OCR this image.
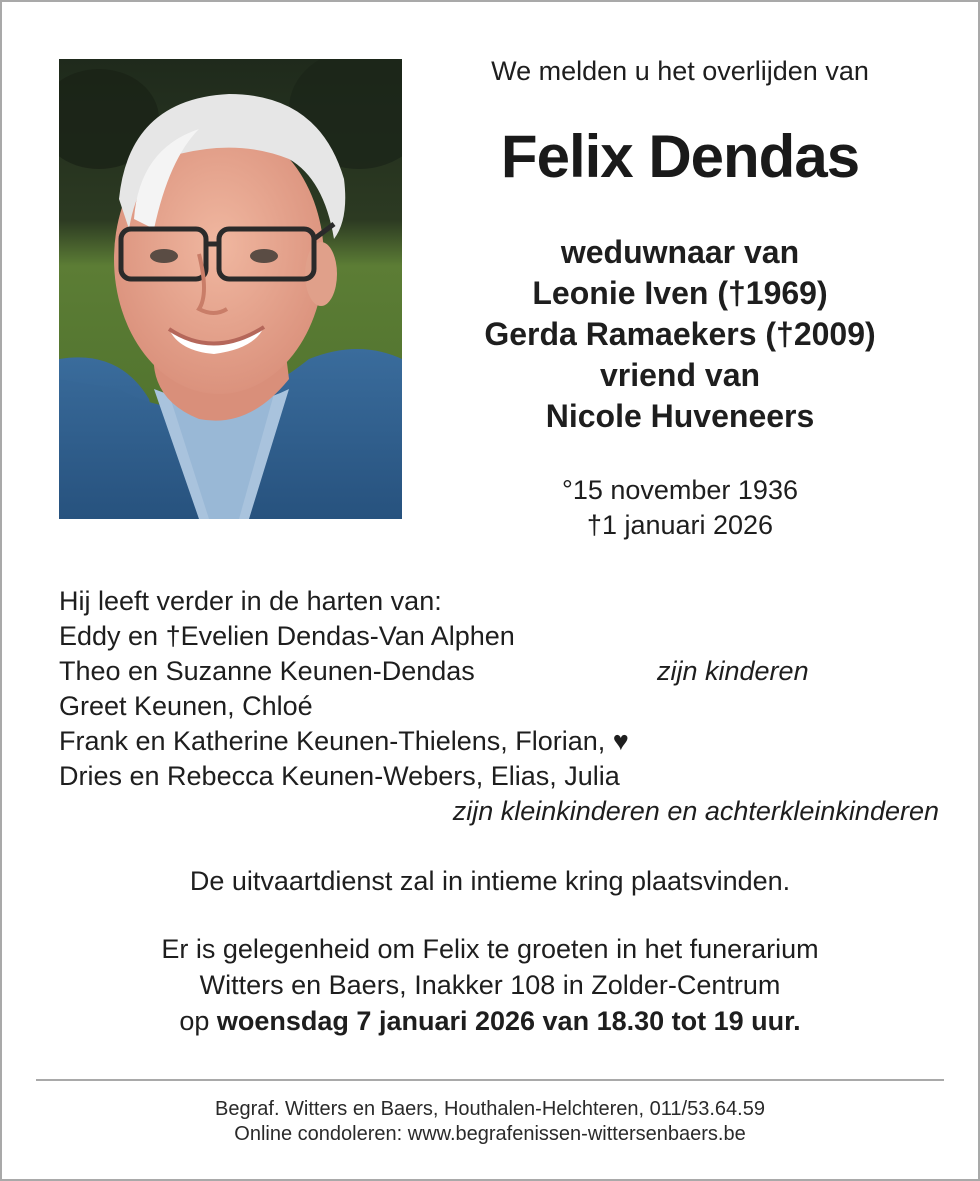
We melden u het overlijden van
Felix Dendas
weduwnaar van
Leonie Iven (†1969)
Gerda Ramaekers (†2009)
vriend van
Nicole Huveneers
°15 november 1936
†1 januari 2026
Hij leeft verder in de harten van:
Eddy en †Evelien Dendas-Van Alphen
Theo en Suzanne Keunen-Dendas	zijn kinderen
Greet Keunen, Chloé
Frank en Katherine Keunen-Thielens, Florian, ♥
Dries en Rebecca Keunen-Webers, Elias, Julia
zijn kleinkinderen en achterkleinkinderen
De uitvaartdienst zal in intieme kring plaatsvinden.
Er is gelegenheid om Felix te groeten in het funerarium
Witters en Baers, Inakker 108 in Zolder-Centrum
op woensdag 7 januari 2026 van 18.30 tot 19 uur.
Begraf. Witters en Baers, Houthalen-Helchteren, 011/53.64.59
Online condoleren: www.begrafenissen-wittersenbaers.be
